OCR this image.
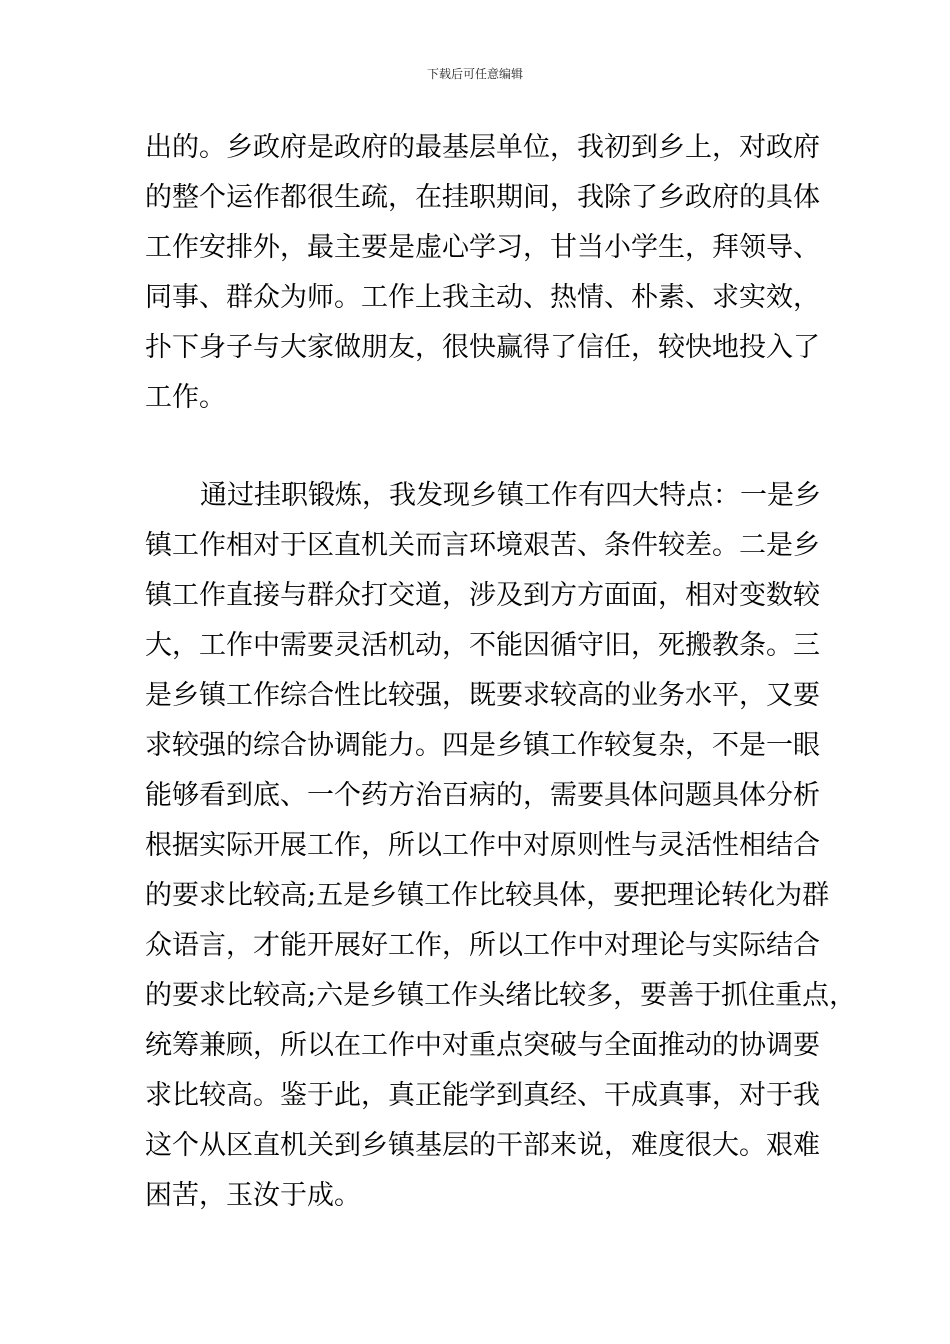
下载后可任意编辑
出的。乡政府是政府的最基层单位，我初到乡上，对政府
的整个运作都很生疏，在挂职期间，我除了乡政府的具体
工作安排外，最主要是虚心学习，甘当小学生，拜领导、
同事、群众为师。工作上我主动、热情、朴素、求实效，
扑下身子与大家做朋友，很快赢得了信任，较快地投入了
工作。
通过挂职锻炼，我发现乡镇工作有四大特点：一是乡
镇工作相对于区直机关而言环境艰苦、条件较差。二是乡
镇工作直接与群众打交道，涉及到方方面面，相对变数较
大，工作中需要灵活机动，不能因循守旧，死搬教条。三
是乡镇工作综合性比较强，既要求较高的业务水平，又要
求较强的综合协调能力。四是乡镇工作较复杂，不是一眼
能够看到底、一个药方治百病的，需要具体问题具体分析
根据实际开展工作，所以工作中对原则性与灵活性相结合
的要求比较高;五是乡镇工作比较具体，要把理论转化为群
众语言，才能开展好工作，所以工作中对理论与实际结合
的要求比较高;六是乡镇工作头绪比较多，要善于抓住重点，
统筹兼顾，所以在工作中对重点突破与全面推动的协调要
求比较高。鉴于此，真正能学到真经、干成真事，对于我
这个从区直机关到乡镇基层的干部来说，难度很大。艰难
困苦，玉汝于成。
